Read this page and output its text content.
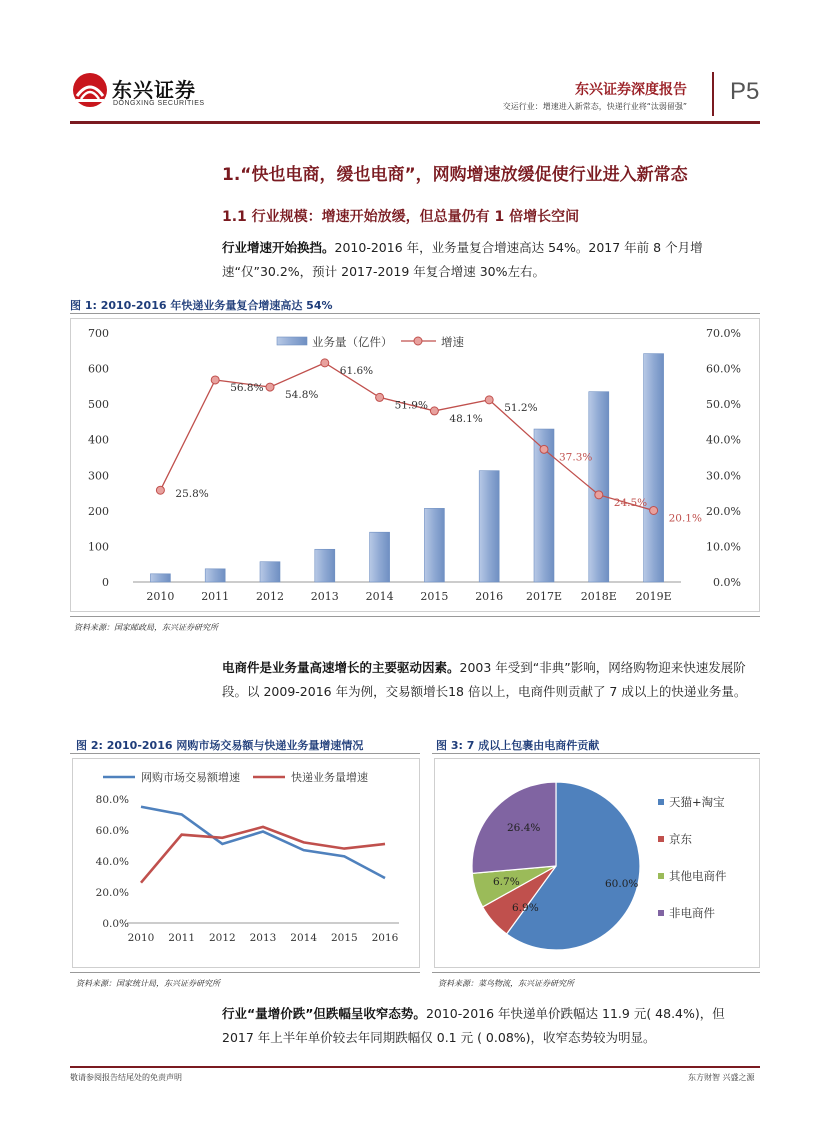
东兴证券
DONGXING SECURITIES
东兴证券深度报告
交运行业：增速进入新常态，快递行业将“汰弱留强”
P5
1.“快也电商，缓也电商”，网购增速放缓促使行业进入新常态
1.1 行业规模：增速开始放缓，但总量仍有 1 倍增长空间
行业增速开始换挡。2010-2016 年，业务量复合增速高达 54%。2017 年前 8 个月增速“仅”30.2%，预计 2017-2019 年复合增速 30%左右。
图 1: 2010-2016 年快递业务量复合增速高达 54%
0
100
200
300
400
500
600
700
0.0%
10.0%
20.0%
30.0%
40.0%
50.0%
60.0%
70.0%
2010 2011 2012 2013 2014 2015 2016 2017E 2018E 2019E
25.8%
56.8%
54.8%
61.6%
51.9%
48.1%
51.2%
37.3%
24.5%
20.1%
业务量（亿件）	增速
资料来源：国家邮政局，东兴证券研究所
电商件是业务量高速增长的主要驱动因素。2003 年受到“非典”影响，网络购物迎来快速发展阶段。以 2009-2016 年为例，交易额增长18 倍以上，电商件则贡献了 7 成以上的快递业务量。
图 2: 2010-2016 网购市场交易额与快递业务量增速情况
0.0%
20.0%
40.0%
60.0%
80.0%
2010 2011 2012 2013 2014 2015 2016
网购市场交易额增速	快递业务量增速
资料来源：国家统计局，东兴证券研究所
图 3: 7 成以上包裹由电商件贡献
60.0%
6.9%
6.7%
26.4%
天猫+淘宝
京东
其他电商件
非电商件
资料来源：菜鸟物流，东兴证券研究所
行业“量增价跌”但跌幅呈收窄态势。2010-2016 年快递单价跌幅达 11.9 元( 48.4%)，但 2017 年上半年单价较去年同期跌幅仅 0.1 元 ( 0.08%)，收窄态势较为明显。
敬请参阅报告结尾处的免责声明	东方财智 兴盛之源
